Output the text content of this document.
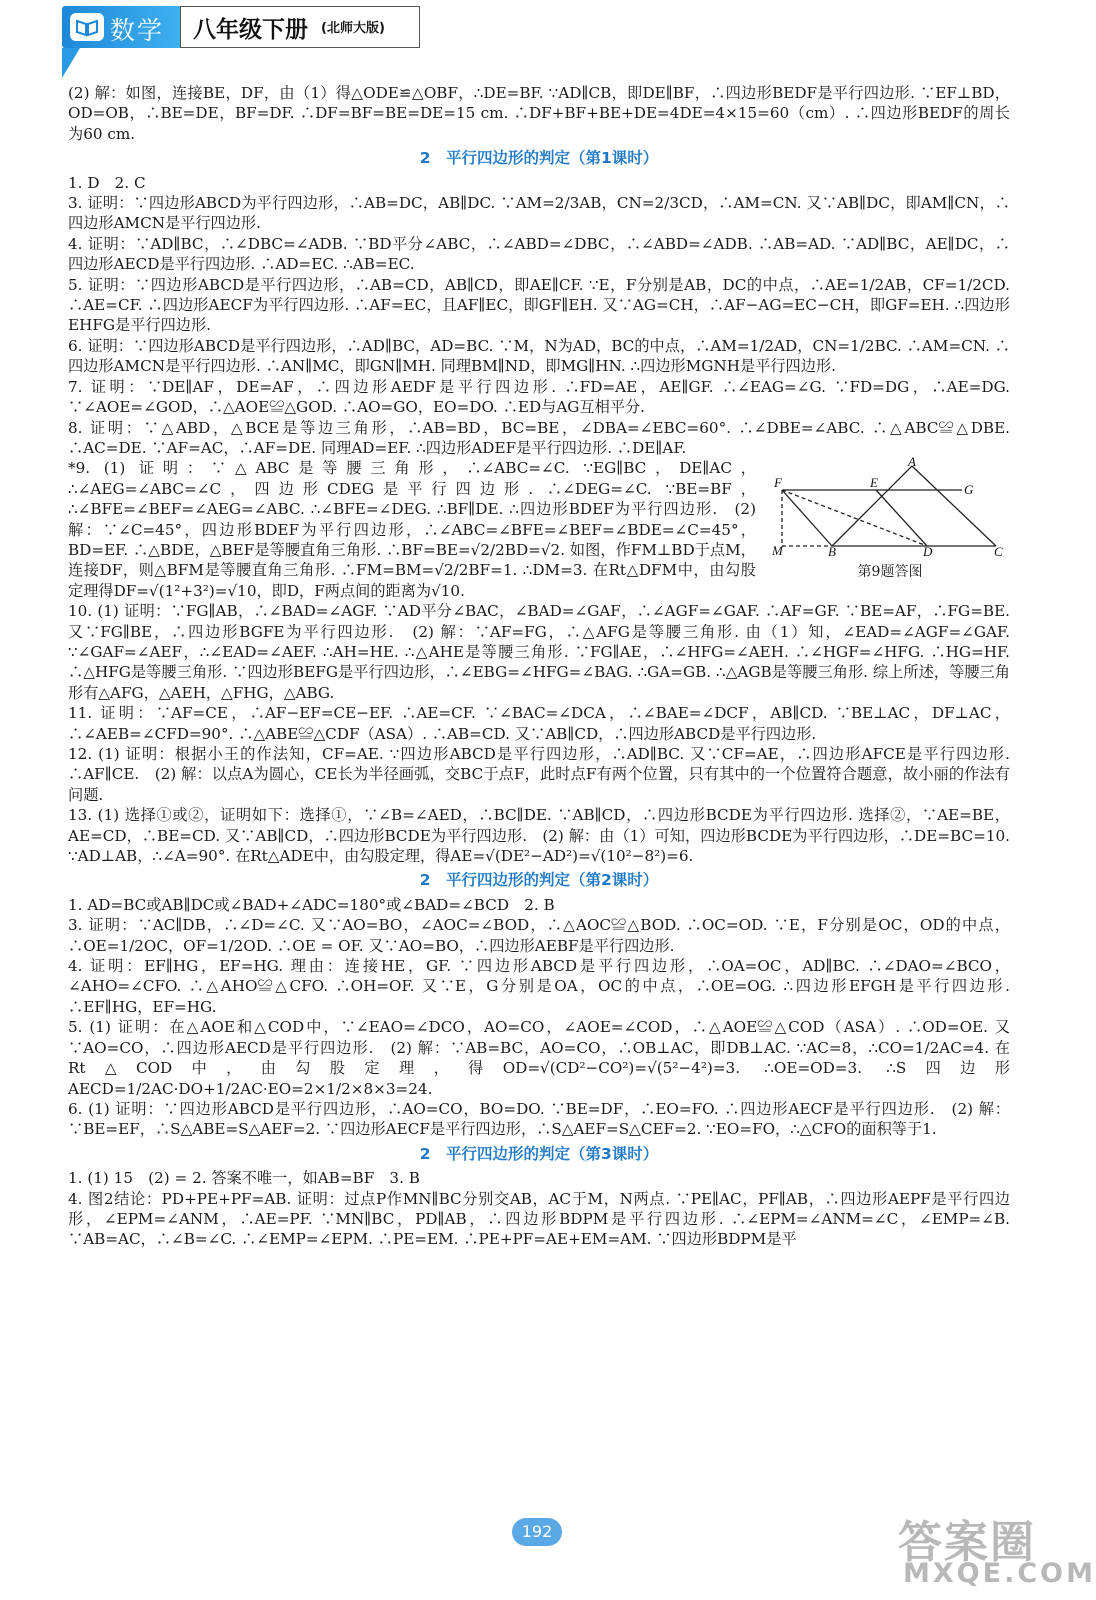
数学 八年级下册 (北师大版)

(2) 解：如图，连接BE，DF，由（1）得△ODE≌△OBF，∴DE=BF. ∵AD∥CB，即DE∥BF，∴四边形BEDF是平行四边形. ∵EF⊥BD，OD=OB，∴BE=DE，BF=DF. ∴DF=BF=BE=DE=15 cm. ∴DF+BF+BE+DE=4DE=4×15=60（cm）. ∴四边形BEDF的周长为60 cm.

2　平行四边形的判定（第1课时）

1. D　2. C

3. 证明：∵四边形ABCD为平行四边形，∴AB=DC，AB∥DC. ∵AM=2/3AB，CN=2/3CD，∴AM=CN. 又∵AB∥DC，即AM∥CN，∴四边形AMCN是平行四边形.

4. 证明：∵AD∥BC，∴∠DBC=∠ADB. ∵BD平分∠ABC，∴∠ABD=∠DBC，∴∠ABD=∠ADB. ∴AB=AD. ∵AD∥BC，AE∥DC，∴四边形AECD是平行四边形. ∴AD=EC. ∴AB=EC.

5. 证明：∵四边形ABCD是平行四边形，∴AB=CD，AB∥CD，即AE∥CF. ∵E，F分别是AB，DC的中点，∴AE=1/2AB，CF=1/2CD. ∴AE=CF. ∴四边形AECF为平行四边形. ∴AF=EC，且AF∥EC，即GF∥EH. 又∵AG=CH，∴AF−AG=EC−CH，即GF=EH. ∴四边形EHFG是平行四边形.

6. 证明：∵四边形ABCD是平行四边形，∴AD∥BC，AD=BC. ∵M，N为AD，BC的中点，∴AM=1/2AD，CN=1/2BC. ∴AM=CN. ∴四边形AMCN是平行四边形. ∴AN∥MC，即GN∥MH. 同理BM∥ND，即MG∥HN. ∴四边形MGNH是平行四边形.

7. 证明：∵DE∥AF，DE=AF，∴四边形AEDF是平行四边形. ∴FD=AE，AE∥GF. ∴∠EAG=∠G. ∵FD=DG，∴AE=DG. ∵∠AOE=∠GOD，∴△AOE≌△GOD. ∴AO=GO，EO=DO. ∴ED与AG互相平分.

8. 证明：∵△ABD，△BCE是等边三角形，∴AB=BD，BC=BE，∠DBA=∠EBC=60°. ∴∠DBE=∠ABC. ∴△ABC≌△DBE. ∴AC=DE. ∵AF=AC，∴AF=DE. 同理AD=EF. ∴四边形ADEF是平行四边形. ∴DE∥AF.

A
E
F	G
M	B	D	C
第9题答图

*9. (1) 证明：∵△ABC是等腰三角形，∴∠ABC=∠C. ∵EG∥BC，DE∥AC，∴∠AEG=∠ABC=∠C，四边形CDEG是平行四边形. ∴∠DEG=∠C. ∵BE=BF，∴∠BFE=∠BEF=∠AEG=∠ABC. ∴∠BFE=∠DEG. ∴BF∥DE. ∴四边形BDEF为平行四边形.　(2) 解：∵∠C=45°，四边形BDEF为平行四边形，∴∠ABC=∠BFE=∠BEF=∠BDE=∠C=45°，BD=EF. ∴△BDE，△BEF是等腰直角三角形. ∴BF=BE=√2/2BD=√2. 如图，作FM⊥BD于点M，连接DF，则△BFM是等腰直角三角形. ∴FM=BM=√2/2BF=1. ∴DM=3. 在Rt△DFM中，由勾股定理得DF=√(1²+3²)=√10，即D，F两点间的距离为√10.

10. (1) 证明：∵FG∥AB，∴∠BAD=∠AGF. ∵AD平分∠BAC，∠BAD=∠GAF，∴∠AGF=∠GAF. ∴AF=GF. ∵BE=AF，∴FG=BE. 又∵FG∥BE，∴四边形BGFE为平行四边形.　(2) 解：∵AF=FG，∴△AFG是等腰三角形. 由（1）知，∠EAD=∠AGF=∠GAF. ∵∠GAF=∠AEF，∴∠EAD=∠AEF. ∴AH=HE. ∴△AHE是等腰三角形. ∵FG∥AE，∴∠HFG=∠AEH. ∴∠HGF=∠HFG. ∴HG=HF. ∴△HFG是等腰三角形. ∵四边形BEFG是平行四边形，∴∠EBG=∠HFG=∠BAG. ∴GA=GB. ∴△AGB是等腰三角形. 综上所述，等腰三角形有△AFG，△AEH，△FHG，△ABG.

11. 证明：∵AF=CE，∴AF−EF=CE−EF. ∴AE=CF. ∵∠BAC=∠DCA，∴∠BAE=∠DCF，AB∥CD. ∵BE⊥AC，DF⊥AC，∴∠AEB=∠CFD=90°. ∴△ABE≌△CDF（ASA）. ∴AB=CD. 又∵AB∥CD，∴四边形ABCD是平行四边形.

12. (1) 证明：根据小王的作法知，CF=AE. ∵四边形ABCD是平行四边形，∴AD∥BC. 又∵CF=AE，∴四边形AFCE是平行四边形. ∴AF∥CE.　(2) 解：以点A为圆心，CE长为半径画弧，交BC于点F，此时点F有两个位置，只有其中的一个位置符合题意，故小丽的作法有问题.

13. (1) 选择①或②，证明如下：选择①，∵∠B=∠AED，∴BC∥DE. ∵AB∥CD，∴四边形BCDE为平行四边形. 选择②，∵AE=BE，AE=CD，∴BE=CD. 又∵AB∥CD，∴四边形BCDE为平行四边形.　(2) 解：由（1）可知，四边形BCDE为平行四边形，∴DE=BC=10. ∵AD⊥AB，∴∠A=90°. 在Rt△ADE中，由勾股定理，得AE=√(DE²−AD²)=√(10²−8²)=6.

2　平行四边形的判定（第2课时）

1. AD=BC或AB∥DC或∠BAD+∠ADC=180°或∠BAD=∠BCD　2. B

3. 证明：∵AC∥DB，∴∠D=∠C. 又∵AO=BO，∠AOC=∠BOD，∴△AOC≌△BOD. ∴OC=OD. ∵E，F分别是OC，OD的中点，∴OE=1/2OC，OF=1/2OD. ∴OE = OF. 又∵AO=BO，∴四边形AEBF是平行四边形.

4. 证明：EF∥HG，EF=HG. 理由：连接HE，GF. ∵四边形ABCD是平行四边形，∴OA=OC，AD∥BC. ∴∠DAO=∠BCO，∠AHO=∠CFO. ∴△AHO≌△CFO. ∴OH=OF. 又∵E，G分别是OA，OC的中点，∴OE=OG. ∴四边形EFGH是平行四边形. ∴EF∥HG，EF=HG.

5. (1) 证明：在△AOE和△COD中，∵∠EAO=∠DCO，AO=CO，∠AOE=∠COD，∴△AOE≌△COD（ASA）. ∴OD=OE. 又∵AO=CO，∴四边形AECD是平行四边形.　(2) 解：∵AB=BC，AO=CO，∴OB⊥AC，即DB⊥AC. ∵AC=8，∴CO=1/2AC=4. 在Rt△COD中，由勾股定理，得OD=√(CD²−CO²)=√(5²−4²)=3. ∴OE=OD=3. ∴S四边形AECD=1/2AC·DO+1/2AC·EO=2×1/2×8×3=24.

6. (1) 证明：∵四边形ABCD是平行四边形，∴AO=CO，BO=DO. ∵BE=DF，∴EO=FO. ∴四边形AECF是平行四边形.　(2) 解：∵BE=EF，∴S△ABE=S△AEF=2. ∵四边形AECF是平行四边形，∴S△AEF=S△CEF=2. ∵EO=FO，∴△CFO的面积等于1.

2　平行四边形的判定（第3课时）

1. (1) 15　(2) = 2. 答案不唯一，如AB=BF　3. B

4. 图2结论：PD+PE+PF=AB. 证明：过点P作MN∥BC分别交AB，AC于M，N两点. ∵PE∥AC，PF∥AB，∴四边形AEPF是平行四边形，∠EPM=∠ANM，∴AE=PF. ∵MN∥BC，PD∥AB，∴四边形BDPM是平行四边形. ∴∠EPM=∠ANM=∠C，∠EMP=∠B. ∵AB=AC，∴∠B=∠C. ∴∠EMP=∠EPM. ∴PE=EM. ∴PE+PF=AE+EM=AM. ∵四边形BDPM是平

192	答案圈
MXQE.COM
